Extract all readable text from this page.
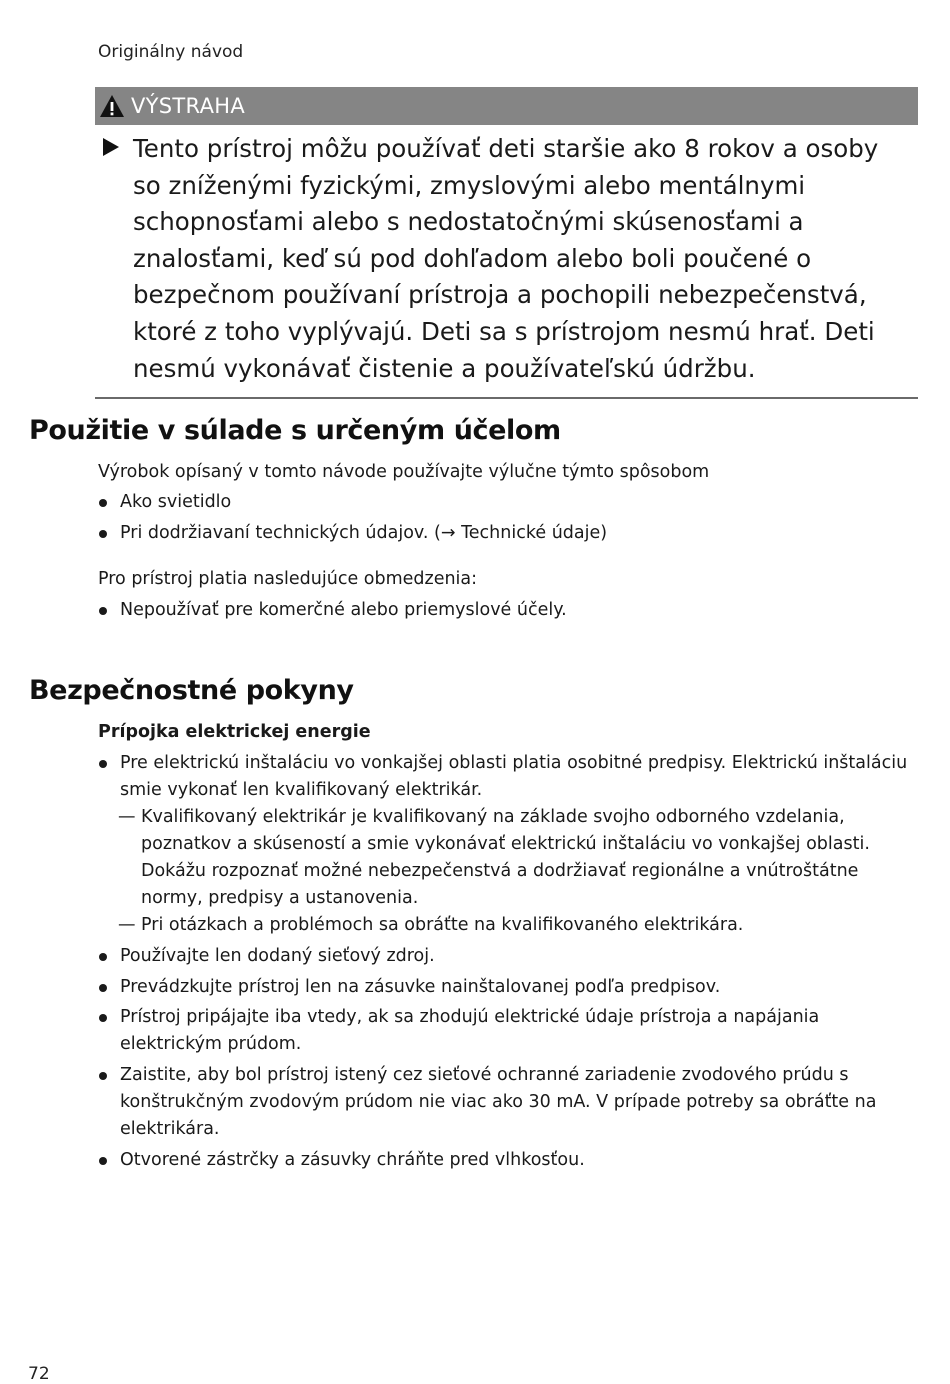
Originálny návod
VÝSTRAHA
Tento prístroj môžu používať deti staršie ako 8 rokov a osoby so zníženými fyzickými, zmyslovými alebo mentálnymi schopnosťami alebo s nedostatočnými skúsenosťami a znalosťami, keď sú pod dohľadom alebo boli poučené o bezpečnom používaní prístroja a pochopili nebezpečenstvá, ktoré z toho vyplývajú. Deti sa s prístrojom nesmú hrať. Deti nesmú vykonávať čistenie a používateľskú údržbu.
Použitie v súlade s určeným účelom

Výrobok opísaný v tomto návode používajte výlučne týmto spôsobom

Ako svietidlo
Pri dodržiavaní technických údajov. (→ Technické údaje)

Pro prístroj platia nasledujúce obmedzenia:

Nepoužívať pre komerčné alebo priemyslové účely.
Bezpečnostné pokyny

Prípojka elektrickej energie

Pre elektrickú inštaláciu vo vonkajšej oblasti platia osobitné predpisy. Elektrickú inštaláciu smie vykonať len kvalifikovaný elektrikár.
— Kvalifikovaný elektrikár je kvalifikovaný na základe svojho odborného vzdelania, poznatkov a skúseností a smie vykonávať elektrickú inštaláciu vo vonkajšej oblasti. Dokážu rozpoznať možné nebezpečenstvá a dodržiavať regionálne a vnútroštátne normy, predpisy a ustanovenia.
— Pri otázkach a problémoch sa obráťte na kvalifikovaného elektrikára.
Používajte len dodaný sieťový zdroj.
Prevádzkujte prístroj len na zásuvke nainštalovanej podľa predpisov.
Prístroj pripájajte iba vtedy, ak sa zhodujú elektrické údaje prístroja a napájania elektrickým prúdom.
Zaistite, aby bol prístroj istený cez sieťové ochranné zariadenie zvodového prúdu s konštrukčným zvodovým prúdom nie viac ako 30 mA. V prípade potreby sa obráťte na elektrikára.
Otvorené zástrčky a zásuvky chráňte pred vlhkosťou.
72
